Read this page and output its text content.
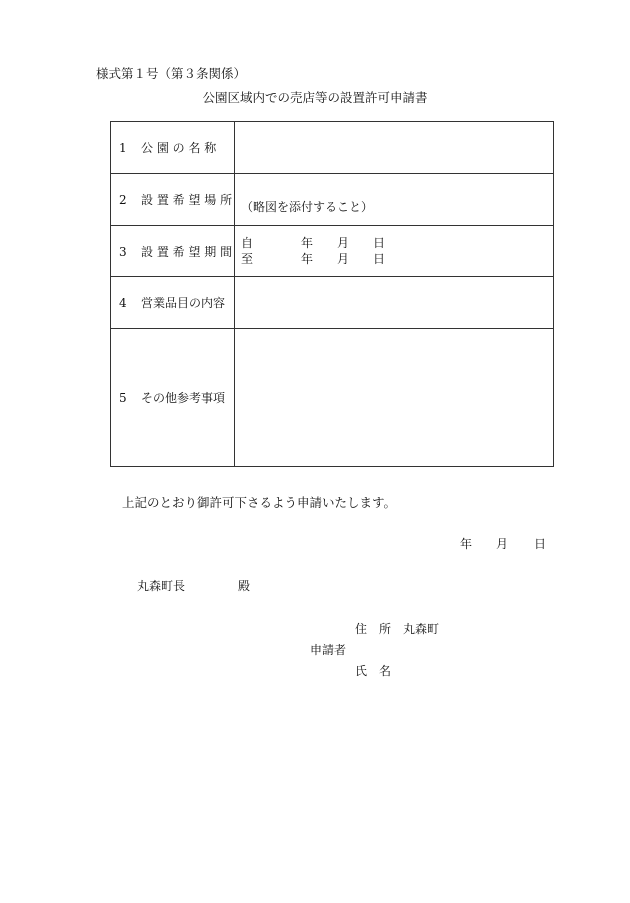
様式第１号（第３条関係）
公園区域内での売店等の設置許可申請書
1 公 園 の 名 称	
2 設 置 希 望 場 所	（略図を添付すること）

3 設 置 希 望 期 間	自 年 月 日
至 年 月 日

4 営業品目の内容	
5 その他参考事項	
上記のとおり御許可下さるよう申請いたします。
年 月 日
丸森町長	殿
住　所　 丸森町
申請者
氏　名
